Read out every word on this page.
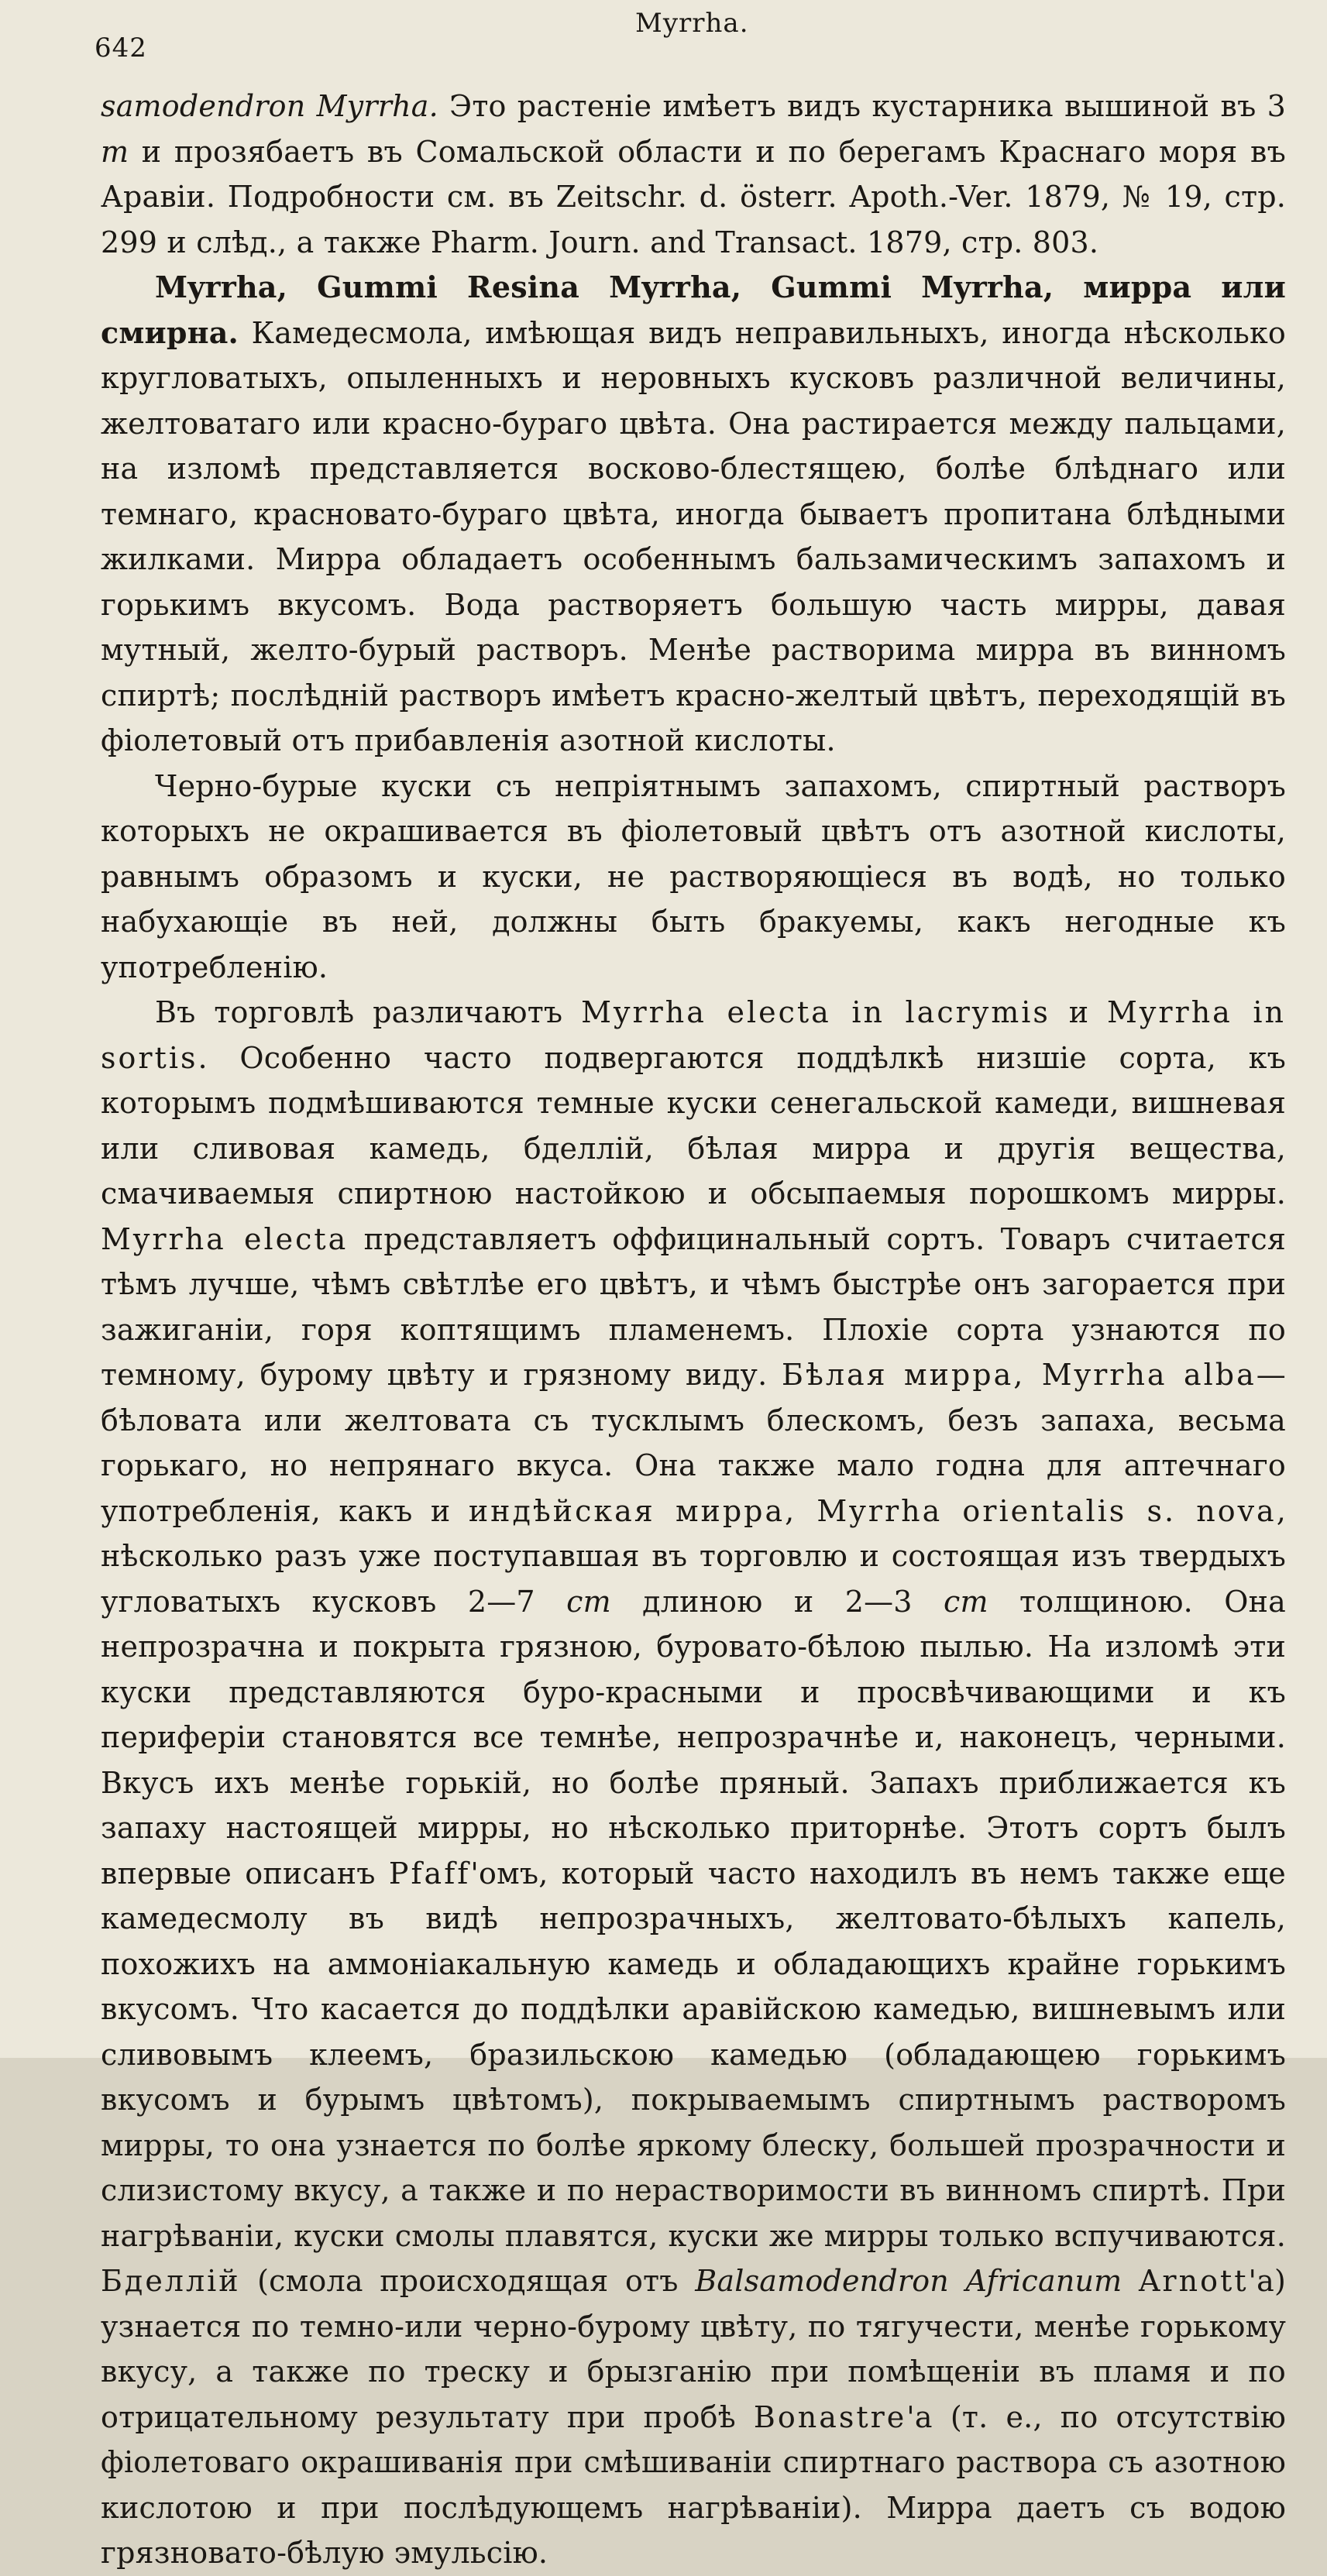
642
Myrrha.

samodendron Myrrha. Это растеніе имѣетъ видъ кустарника вышиной въ 3 m и прозябаетъ въ Сомальской области и по берегамъ Краснаго моря въ Аравіи. Подробности см. въ Zeitschr. d. österr. Apoth.-Ver. 1879, № 19, стр. 299 и слѣд., а также Pharm. Journ. and Transact. 1879, стр. 803.

Myrrha, Gummi Resina Myrrha, Gummi Myrrha, мирра или смирна. Камедесмола, имѣющая видъ неправильныхъ, иногда нѣсколько кругловатыхъ, опыленныхъ и неровныхъ кусковъ различной величины, желтоватаго или красно-бураго цвѣта. Она растирается между пальцами, на изломѣ представляется восково-блестящею, болѣе блѣднаго или темнаго, красновато-бураго цвѣта, иногда бываетъ пропитана блѣдными жилками. Мирра обладаетъ особеннымъ бальзамическимъ запахомъ и горькимъ вкусомъ. Вода растворяетъ большую часть мирры, давая мутный, желто-бурый растворъ. Менѣе растворима мирра въ винномъ спиртѣ; послѣдній растворъ имѣетъ красно-желтый цвѣтъ, переходящій въ фіолетовый отъ прибавленія азотной кислоты.

Черно-бурые куски съ непріятнымъ запахомъ, спиртный растворъ которыхъ не окрашивается въ фіолетовый цвѣтъ отъ азотной кислоты, равнымъ образомъ и куски, не растворяющіеся въ водѣ, но только набухающіе въ ней, должны быть бракуемы, какъ негодные къ употребленію.

Въ торговлѣ различаютъ Myrrha electa in lacrymis и Myrrha in sortis. Особенно часто подвергаются поддѣлкѣ низшіе сорта, къ которымъ подмѣшиваются темные куски сенегальской камеди, вишневая или сливовая камедь, бделлій, бѣлая мирра и другія вещества, смачиваемыя спиртною настойкою и обсыпаемыя порошкомъ мирры. Myrrha electa представляетъ оффицинальный сортъ. Товаръ считается тѣмъ лучше, чѣмъ свѣтлѣе его цвѣтъ, и чѣмъ быстрѣе онъ загорается при зажиганіи, горя коптящимъ пламенемъ. Плохіе сорта узнаются по темному, бурому цвѣту и грязному виду. Бѣлая мирра, Myrrha alba—бѣловата или желтовата съ тусклымъ блескомъ, безъ запаха, весьма горькаго, но непрянаго вкуса. Она также мало годна для аптечнаго употребленія, какъ и индѣйская мирра, Myrrha orientalis s. nova, нѣсколько разъ уже поступавшая въ торговлю и состоящая изъ твердыхъ угловатыхъ кусковъ 2—7 cm длиною и 2—3 cm толщиною. Она непрозрачна и покрыта грязною, буровато-бѣлою пылью. На изломѣ эти куски представляются буро-красными и просвѣчивающими и къ периферіи становятся все темнѣе, непрозрачнѣе и, наконецъ, черными. Вкусъ ихъ менѣе горькій, но болѣе пряный. Запахъ приближается къ запаху настоящей мирры, но нѣсколько приторнѣе. Этотъ сортъ былъ впервые описанъ Pfaff'омъ, который часто находилъ въ немъ также еще камедесмолу въ видѣ непрозрачныхъ, желтовато-бѣлыхъ капель, похожихъ на аммоніакальную камедь и обладающихъ крайне горькимъ вкусомъ. Что касается до поддѣлки аравійскою камедью, вишневымъ или сливовымъ клеемъ, бразильскою камедью (обладающею горькимъ вкусомъ и бурымъ цвѣтомъ), покрываемымъ спиртнымъ растворомъ мирры, то она узнается по болѣе яркому блеску, большей прозрачности и слизистому вкусу, а также и по нерастворимости въ винномъ спиртѣ. При нагрѣваніи, куски смолы плавятся, куски же мирры только вспучиваются. Бделлій (смола происходящая отъ Balsamodendron Africanum Arnott'а) узнается по темно-или черно-бурому цвѣту, по тягучести, менѣе горькому вкусу, а также по треску и брызганію при помѣщеніи въ пламя и по отрицательному результату при пробѣ Bonastre'а (т. е., по отсутствію фіолетоваго окрашиванія при смѣшиваніи спиртнаго раствора съ азотною кислотою и при послѣдующемъ нагрѣваніи). Мирра даетъ съ водою грязновато-бѣлую эмульсію.
